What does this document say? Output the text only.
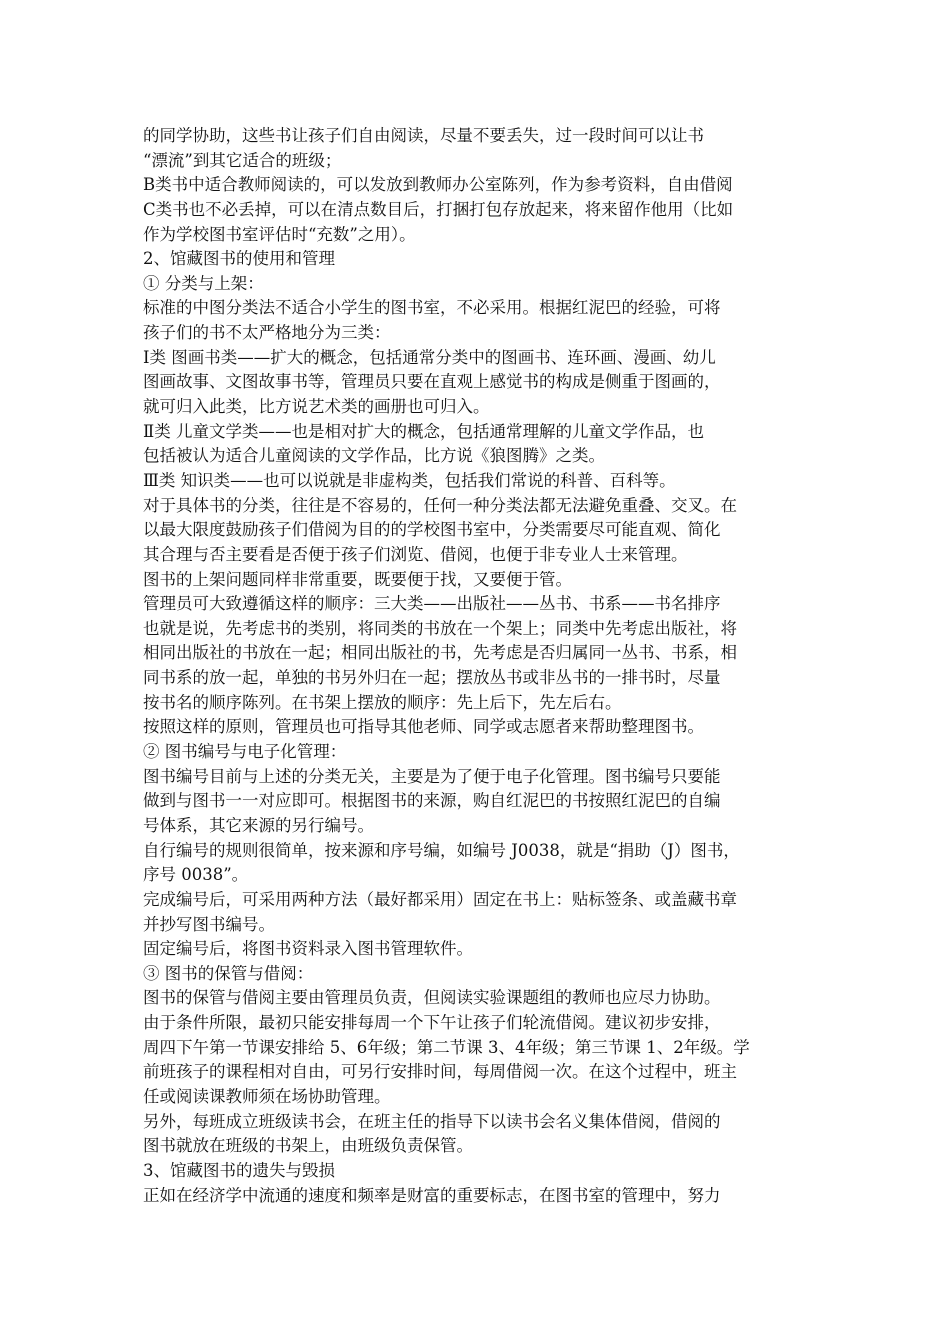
的同学协助，这些书让孩子们自由阅读，尽量不要丢失，过一段时间可以让书
“漂流”到其它适合的班级；
B类书中适合教师阅读的，可以发放到教师办公室陈列，作为参考资料，自由借阅
C类书也不必丢掉，可以在清点数目后，打捆打包存放起来，将来留作他用（比如
作为学校图书室评估时“充数”之用）。
2、馆藏图书的使用和管理
① 分类与上架：
标准的中图分类法不适合小学生的图书室，不必采用。根据红泥巴的经验，可将
孩子们的书不太严格地分为三类：
Ⅰ类 图画书类——扩大的概念，包括通常分类中的图画书、连环画、漫画、幼儿
图画故事、文图故事书等，管理员只要在直观上感觉书的构成是侧重于图画的，
就可归入此类，比方说艺术类的画册也可归入。
Ⅱ类 儿童文学类——也是相对扩大的概念，包括通常理解的儿童文学作品，也
包括被认为适合儿童阅读的文学作品，比方说《狼图腾》之类。
Ⅲ类 知识类——也可以说就是非虚构类，包括我们常说的科普、百科等。
对于具体书的分类，往往是不容易的，任何一种分类法都无法避免重叠、交叉。在
以最大限度鼓励孩子们借阅为目的的学校图书室中，分类需要尽可能直观、简化
其合理与否主要看是否便于孩子们浏览、借阅，也便于非专业人士来管理。
图书的上架问题同样非常重要，既要便于找，又要便于管。
管理员可大致遵循这样的顺序：三大类——出版社——丛书、书系——书名排序
也就是说，先考虑书的类别，将同类的书放在一个架上；同类中先考虑出版社，将
相同出版社的书放在一起；相同出版社的书，先考虑是否归属同一丛书、书系，相
同书系的放一起，单独的书另外归在一起；摆放丛书或非丛书的一排书时，尽量
按书名的顺序陈列。在书架上摆放的顺序：先上后下，先左后右。
按照这样的原则，管理员也可指导其他老师、同学或志愿者来帮助整理图书。
② 图书编号与电子化管理：
图书编号目前与上述的分类无关，主要是为了便于电子化管理。图书编号只要能
做到与图书一一对应即可。根据图书的来源，购自红泥巴的书按照红泥巴的自编
号体系，其它来源的另行编号。
自行编号的规则很简单，按来源和序号编，如编号 J0038，就是“捐助（J）图书，
序号 0038”。
完成编号后，可采用两种方法（最好都采用）固定在书上：贴标签条、或盖藏书章
并抄写图书编号。
固定编号后，将图书资料录入图书管理软件。
③ 图书的保管与借阅：
图书的保管与借阅主要由管理员负责，但阅读实验课题组的教师也应尽力协助。
由于条件所限，最初只能安排每周一个下午让孩子们轮流借阅。建议初步安排，
周四下午第一节课安排给 5、6年级；第二节课 3、4年级；第三节课 1、2年级。学
前班孩子的课程相对自由，可另行安排时间，每周借阅一次。在这个过程中，班主
任或阅读课教师须在场协助管理。
另外，每班成立班级读书会，在班主任的指导下以读书会名义集体借阅，借阅的
图书就放在班级的书架上，由班级负责保管。
3、馆藏图书的遗失与毁损
正如在经济学中流通的速度和频率是财富的重要标志，在图书室的管理中，努力
